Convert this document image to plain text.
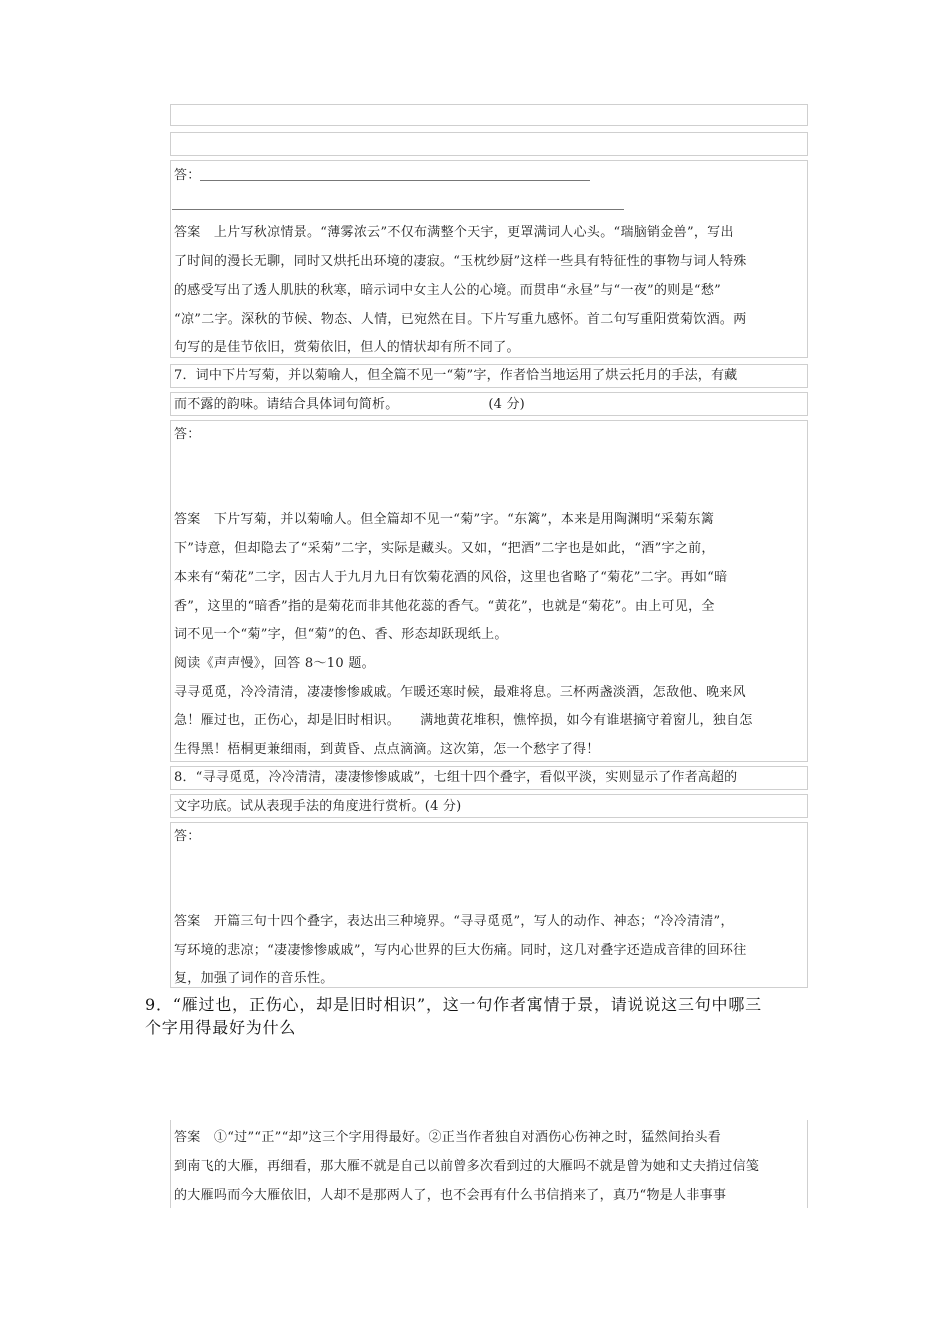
答：
答案　上片写秋凉情景。“薄雾浓云”不仅布满整个天宇，更罩满词人心头。“瑞脑销金兽”，写出
了时间的漫长无聊，同时又烘托出环境的凄寂。“玉枕纱厨”这样一些具有特征性的事物与词人特殊
的感受写出了透人肌肤的秋寒，暗示词中女主人公的心境。而贯串“永昼”与“一夜”的则是“愁”
“凉”二字。深秋的节候、物态、人情，已宛然在目。下片写重九感怀。首二句写重阳赏菊饮酒。两
句写的是佳节依旧，赏菊依旧，但人的情状却有所不同了。
7．词中下片写菊，并以菊喻人，但全篇不见一“菊”字，作者恰当地运用了烘云托月的手法，有藏
而不露的韵味。请结合具体词句简析。	(4 分)
答：
答案　下片写菊，并以菊喻人。但全篇却不见一“菊”字。“东篱”，本来是用陶渊明“采菊东篱
下”诗意，但却隐去了“采菊”二字，实际是藏头。又如，“把酒”二字也是如此，“酒”字之前，
本来有“菊花”二字，因古人于九月九日有饮菊花酒的风俗，这里也省略了“菊花”二字。再如“暗
香”，这里的“暗香”指的是菊花而非其他花蕊的香气。“黄花”，也就是“菊花”。由上可见，全
词不见一个“菊”字，但“菊”的色、香、形态却跃现纸上。
阅读《声声慢》，回答 8～10 题。
寻寻觅觅，冷冷清清，凄凄惨惨戚戚。乍暖还寒时候，最难将息。三杯两盏淡酒，怎敌他、晚来风
急！雁过也，正伤心，却是旧时相识。　　满地黄花堆积，憔悴损，如今有谁堪摘守着窗儿，独自怎
生得黑！梧桐更兼细雨，到黄昏、点点滴滴。这次第，怎一个愁字了得！
8．“寻寻觅觅，冷冷清清，凄凄惨惨戚戚”，七组十四个叠字，看似平淡，实则显示了作者高超的
文字功底。试从表现手法的角度进行赏析。(4 分)
答：
答案　开篇三句十四个叠字，表达出三种境界。“寻寻觅觅”，写人的动作、神态；“冷冷清清”，
写环境的悲凉；“凄凄惨惨戚戚”，写内心世界的巨大伤痛。同时，这几对叠字还造成音律的回环往
复，加强了词作的音乐性。
9．“雁过也，正伤心，却是旧时相识”，这一句作者寓情于景，请说说这三句中哪三
个字用得最好为什么
答案　①“过”“正”“却”这三个字用得最好。②正当作者独自对酒伤心伤神之时，猛然间抬头看
到南飞的大雁，再细看，那大雁不就是自己以前曾多次看到过的大雁吗不就是曾为她和丈夫捎过信笺
的大雁吗而今大雁依旧，人却不是那两人了，也不会再有什么书信捎来了，真乃“物是人非事事
